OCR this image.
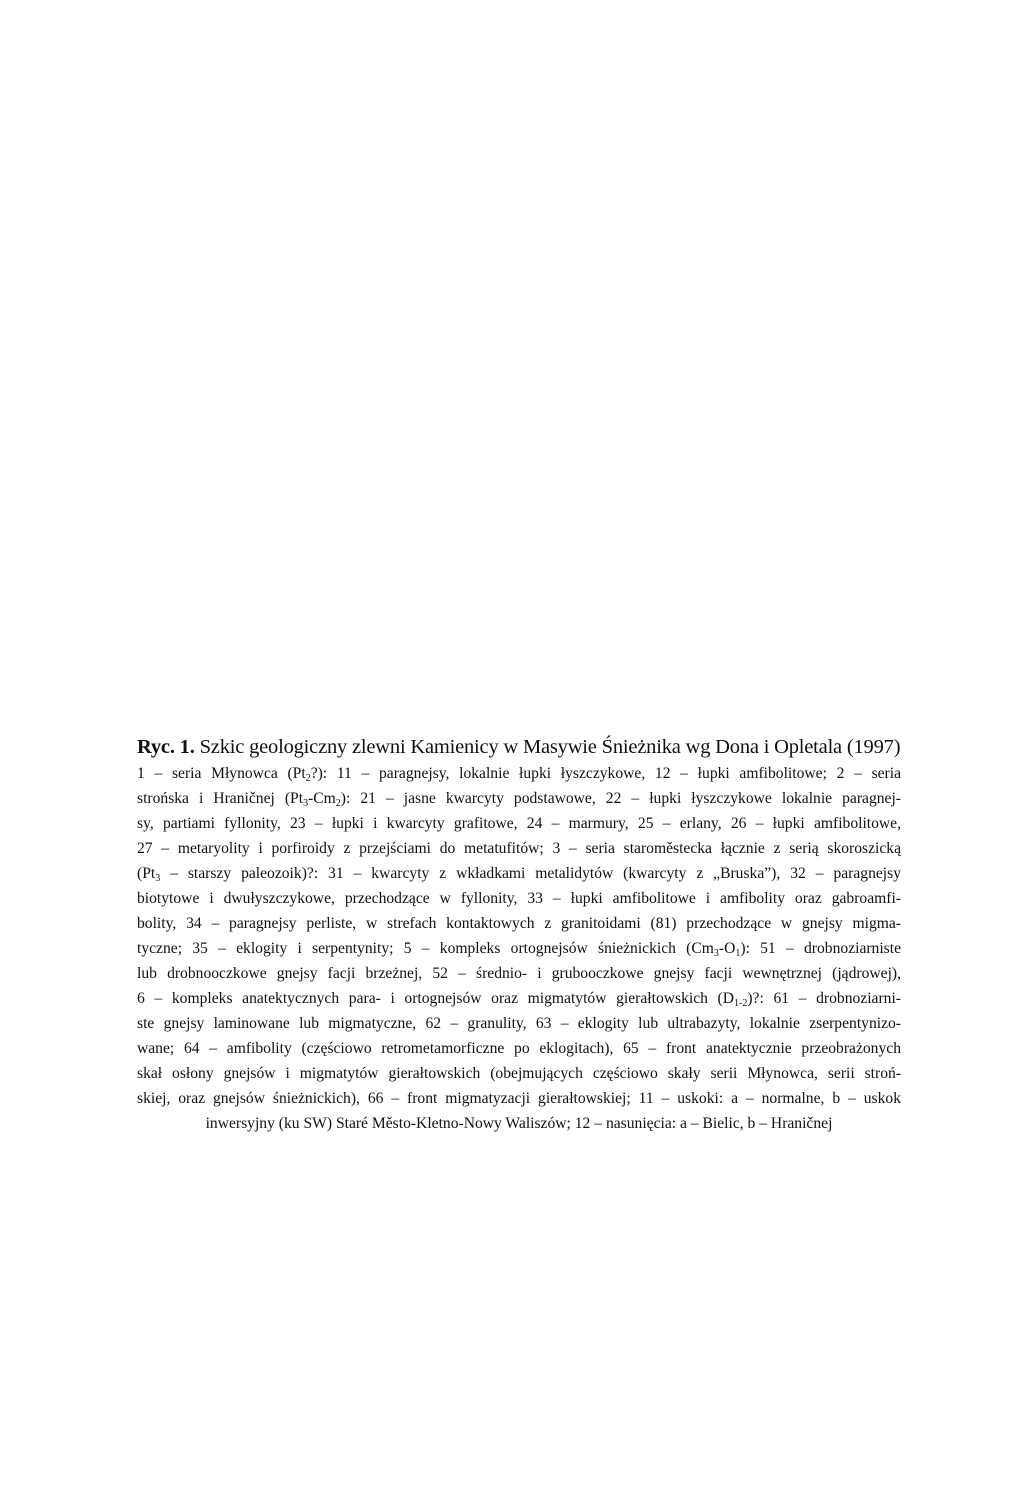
Ryc. 1. Szkic geologiczny zlewni Kamienicy w Masywie Śnieżnika wg Dona i Opletala (1997)

1 – seria Młynowca $(Pt_2?)$: 11 – paragnejsy, lokalnie łupki łyszczykowe, 12 – łupki amfibolitowe; 2 – seria
strońska i Hraničnej $(Pt_3-Cm_2)$: 21 – jasne kwarcyty podstawowe, 22 – łupki łyszczykowe lokalnie paragnej-
sy, partiami fyllonity, 23 – łupki i kwarcyty grafitowe, 24 – marmury, 25 – erlany, 26 – łupki amfibolitowe,
27 – metaryolity i porfiroidy z przejściami do metatufitów; 3 – seria staroměstecka łącznie z serią skoroszicką
($Pt_3$ – starszy paleozoik)?: 31 – kwarcyty z wkładkami metalidytów (kwarcyty z „Bruska”), 32 – paragnejsy
biotytowe i dwułyszczykowe, przechodzące w fyllonity, 33 – łupki amfibolitowe i amfibolity oraz gabroamfi-
bolity, 34 – paragnejsy perliste, w strefach kontaktowych z granitoidami (81) przechodzące w gnejsy migma-
tyczne; 35 – eklogity i serpentynity; 5 – kompleks ortognejsów śnieżnickich $(Cm_3-O_1)$: 51 – drobnoziarniste
lub drobnooczkowe gnejsy facji brzeżnej, 52 – średnio- i grubooczkowe gnejsy facji wewnętrznej (jądrowej),
6 – kompleks anatektycznych para- i ortognejsów oraz migmatytów gierałtowskich $(D_{1-2})$?: 61 – drobnoziarni-
ste gnejsy laminowane lub migmatyczne, 62 – granulity, 63 – eklogity lub ultrabazyty, lokalnie zserpentynizo-
wane; 64 – amfibolity (częściowo retrometamorficzne po eklogitach), 65 – front anatektycznie przeobrażonych
skał osłony gnejsów i migmatytów gierałtowskich (obejmujących częściowo skały serii Młynowca, serii stroń-
skiej, oraz gnejsów śnieżnickich), 66 – front migmatyzacji gierałtowskiej; 11 – uskoki: a – normalne, b – uskok
inwersyjny (ku SW) Staré Město-Kletno-Nowy Waliszów; 12 – nasunięcia: a – Bielic, b – Hraničnej
